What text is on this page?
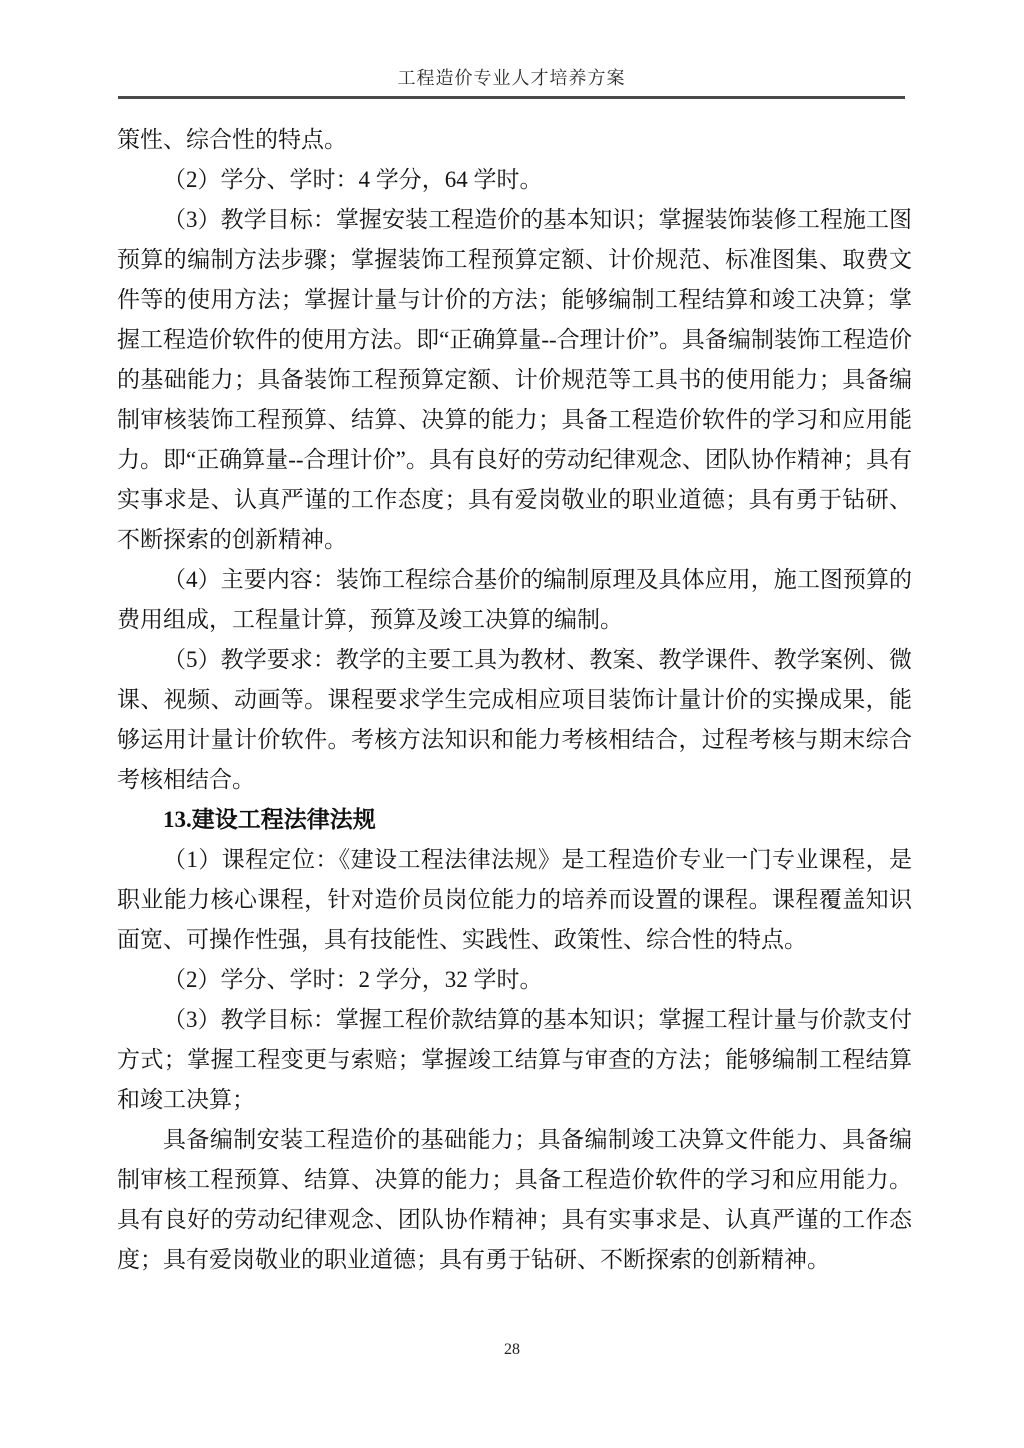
工程造价专业人才培养方案

策性、综合性的特点。

（2）学分、学时：4 学分，64 学时。

（3）教学目标：掌握安装工程造价的基本知识；掌握装饰装修工程施工图预算的编制方法步骤；掌握装饰工程预算定额、计价规范、标准图集、取费文件等的使用方法；掌握计量与计价的方法；能够编制工程结算和竣工决算；掌握工程造价软件的使用方法。即“正确算量--合理计价”。具备编制装饰工程造价的基础能力；具备装饰工程预算定额、计价规范等工具书的使用能力；具备编制审核装饰工程预算、结算、决算的能力；具备工程造价软件的学习和应用能力。即“正确算量--合理计价”。具有良好的劳动纪律观念、团队协作精神；具有实事求是、认真严谨的工作态度；具有爱岗敬业的职业道德；具有勇于钻研、不断探索的创新精神。

（4）主要内容：装饰工程综合基价的编制原理及具体应用，施工图预算的费用组成，工程量计算，预算及竣工决算的编制。

（5）教学要求：教学的主要工具为教材、教案、教学课件、教学案例、微课、视频、动画等。课程要求学生完成相应项目装饰计量计价的实操成果，能够运用计量计价软件。考核方法知识和能力考核相结合，过程考核与期末综合考核相结合。

13.建设工程法律法规

（1）课程定位：《建设工程法律法规》是工程造价专业一门专业课程，是职业能力核心课程，针对造价员岗位能力的培养而设置的课程。课程覆盖知识面宽、可操作性强，具有技能性、实践性、政策性、综合性的特点。

（2）学分、学时：2 学分，32 学时。

（3）教学目标：掌握工程价款结算的基本知识；掌握工程计量与价款支付方式；掌握工程变更与索赔；掌握竣工结算与审查的方法；能够编制工程结算和竣工决算；

具备编制安装工程造价的基础能力；具备编制竣工决算文件能力、具备编制审核工程预算、结算、决算的能力；具备工程造价软件的学习和应用能力。具有良好的劳动纪律观念、团队协作精神；具有实事求是、认真严谨的工作态度；具有爱岗敬业的职业道德；具有勇于钻研、不断探索的创新精神。

28
